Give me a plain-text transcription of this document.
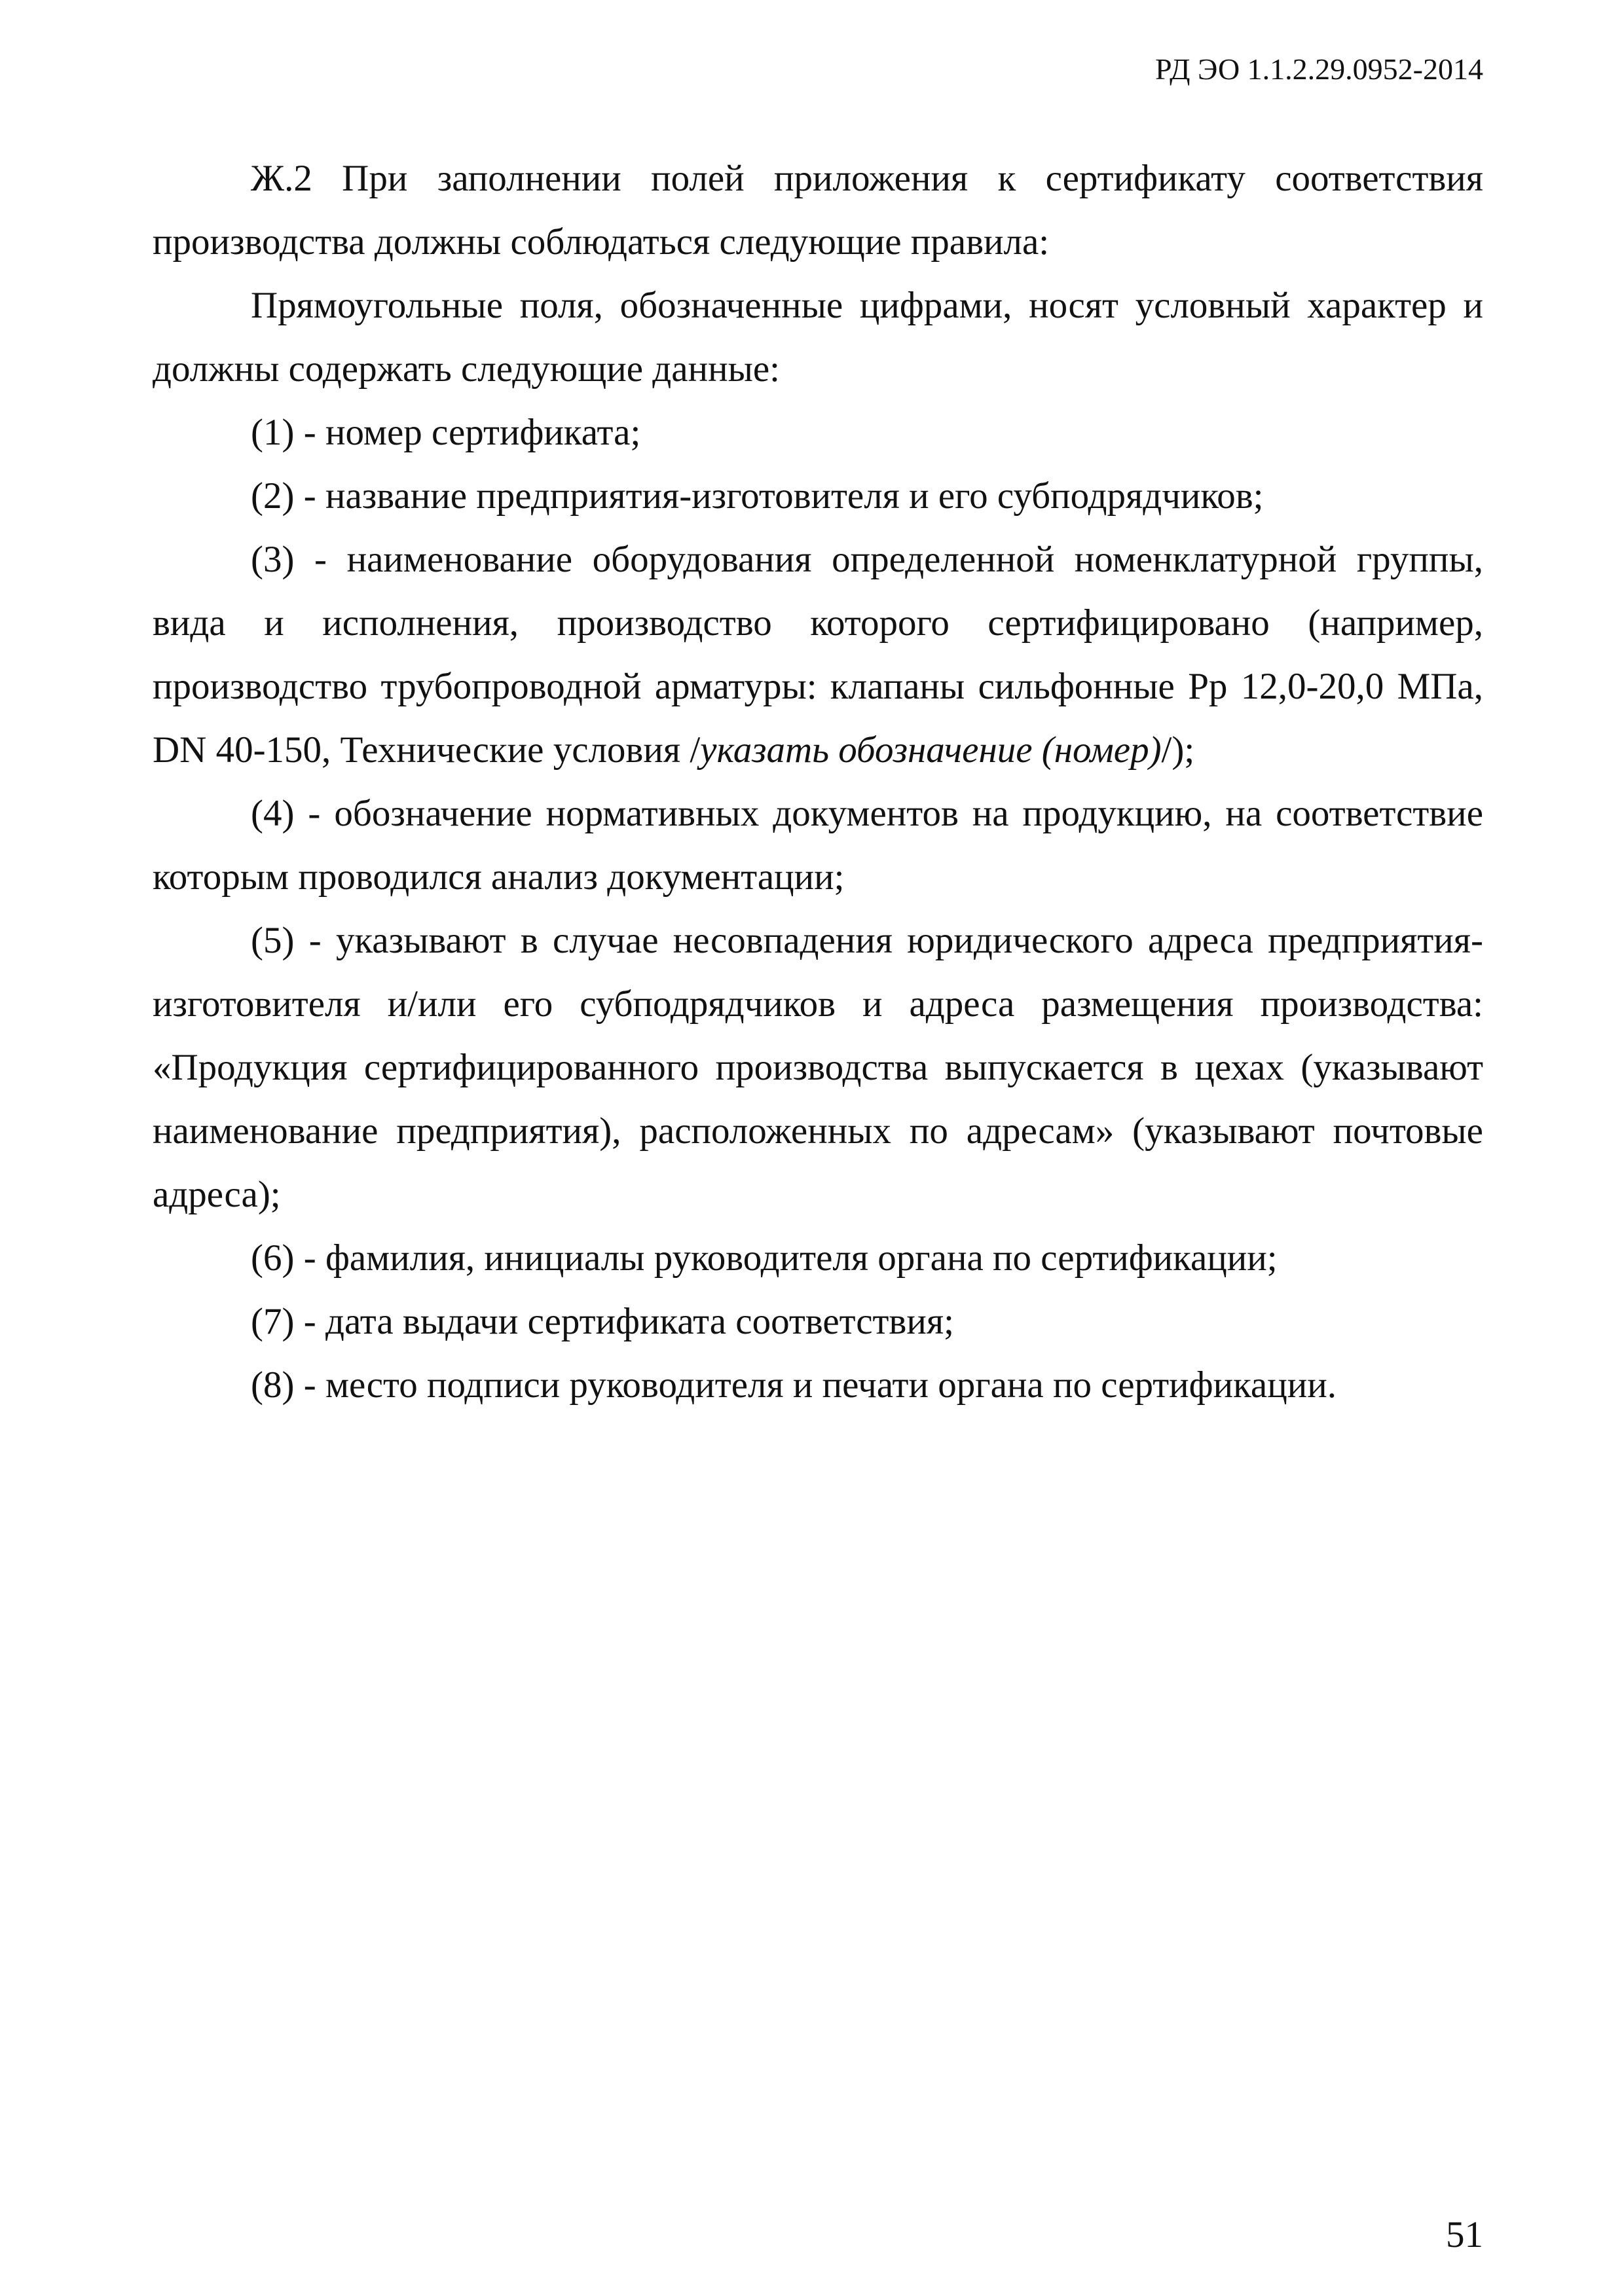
РД ЭО 1.1.2.29.0952-2014

Ж.2 При заполнении полей приложения к сертификату соответствия производства должны соблюдаться следующие правила:

Прямоугольные поля, обозначенные цифрами, носят условный характер и должны содержать следующие данные:

(1) - номер сертификата;

(2) - название предприятия-изготовителя и его субподрядчиков;

(3) - наименование оборудования определенной номенклатурной группы, вида и исполнения, производство которого сертифицировано (например, производство трубопроводной арматуры: клапаны сильфонные Рр 12,0-20,0 МПа, DN 40-150, Технические условия /указать обозначение (номер)/);

(4) - обозначение нормативных документов на продукцию, на соответствие которым проводился анализ документации;

(5) - указывают в случае несовпадения юридического адреса предприятия-изготовителя и/или его субподрядчиков и адреса размещения производства: «Продукция сертифицированного производства выпускается в цехах (указывают наименование предприятия), расположенных по адресам» (указывают почтовые адреса);

(6) - фамилия, инициалы руководителя органа по сертификации;

(7) - дата выдачи сертификата соответствия;

(8) - место подписи руководителя и печати органа по сертификации.

51
